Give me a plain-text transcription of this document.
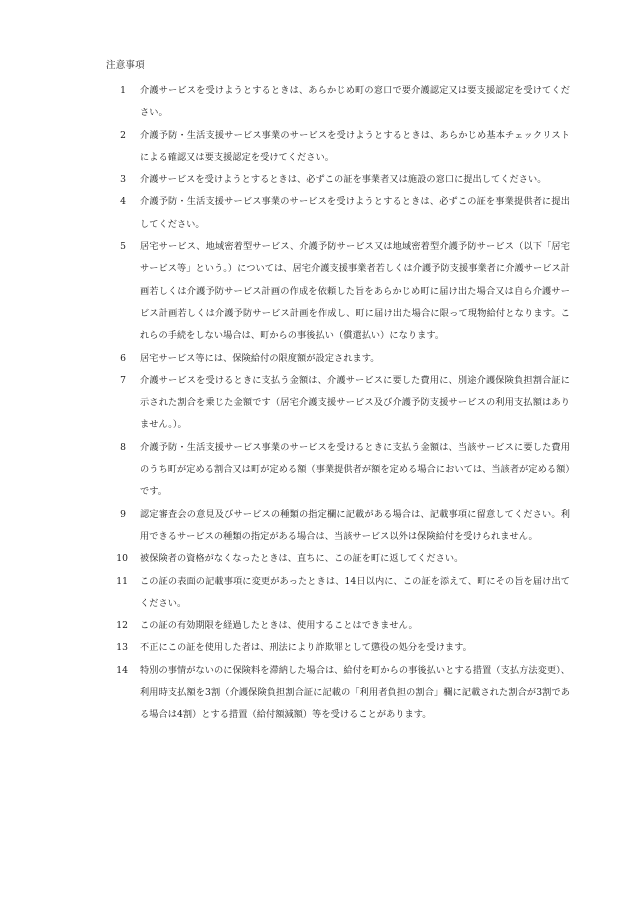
注意事項
1 介護サービスを受けようとするときは、あらかじめ町の窓口で要介護認定又は要支援認定を受けてください。
2 介護予防・生活支援サービス事業のサービスを受けようとするときは、あらかじめ基本チェックリストによる確認又は要支援認定を受けてください。
3 介護サービスを受けようとするときは、必ずこの証を事業者又は施設の窓口に提出してください。
4 介護予防・生活支援サービス事業のサービスを受けようとするときは、必ずこの証を事業提供者に提出してください。
5 居宅サービス、地域密着型サービス、介護予防サービス又は地域密着型介護予防サービス（以下「居宅サービス等」という。）については、居宅介護支援事業者若しくは介護予防支援事業者に介護サービス計画若しくは介護予防サービス計画の作成を依頼した旨をあらかじめ町に届け出た場合又は自ら介護サービス計画若しくは介護予防サービス計画を作成し、町に届け出た場合に限って現物給付となります。これらの手続をしない場合は、町からの事後払い（償還払い）になります。
6 居宅サービス等には、保険給付の限度額が設定されます。
7 介護サービスを受けるときに支払う金額は、介護サービスに要した費用に、別途介護保険負担割合証に示された割合を乗じた金額です（居宅介護支援サービス及び介護予防支援サービスの利用支払額はありません。）。
8 介護予防・生活支援サービス事業のサービスを受けるときに支払う金額は、当該サービスに要した費用のうち町が定める割合又は町が定める額（事業提供者が額を定める場合においては、当該者が定める額）です。
9 認定審査会の意見及びサービスの種類の指定欄に記載がある場合は、記載事項に留意してください。利用できるサービスの種類の指定がある場合は、当該サービス以外は保険給付を受けられません。
10 被保険者の資格がなくなったときは、直ちに、この証を町に返してください。
11 この証の表面の記載事項に変更があったときは、14日以内に、この証を添えて、町にその旨を届け出てください。
12 この証の有効期限を経過したときは、使用することはできません。
13 不正にこの証を使用した者は、刑法により詐欺罪として懲役の処分を受けます。
14 特別の事情がないのに保険料を滞納した場合は、給付を町からの事後払いとする措置（支払方法変更）、利用時支払額を3割（介護保険負担割合証に記載の「利用者負担の割合」欄に記載された割合が3割である場合は4割）とする措置（給付額減額）等を受けることがあります。
